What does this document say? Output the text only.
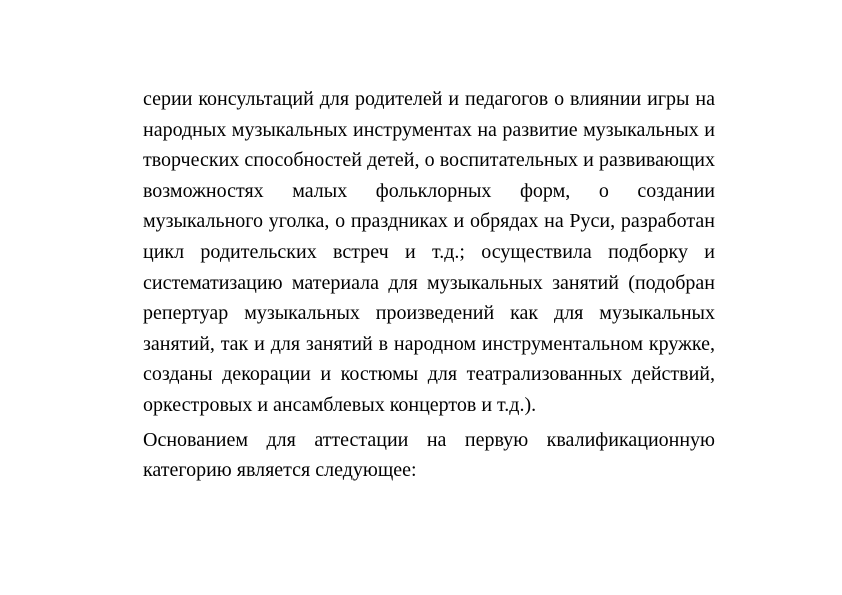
серии консультаций для родителей и педагогов о влиянии игры на народных музыкальных инструментах на развитие музыкальных и творческих способностей детей, о воспитательных и развивающих возможностях малых фольклорных форм, о создании музыкального уголка, о праздниках и обрядах на Руси, разработан цикл родительских встреч и т.д.; осуществила подборку и систематизацию материала для музыкальных занятий (подобран репертуар музыкальных произведений как для музыкальных занятий, так и для занятий в народном инструментальном кружке, созданы декорации и костюмы для театрализованных действий, оркестровых и ансамблевых концертов и т.д.).

Основанием для аттестации на первую квалификационную категорию является следующее:
